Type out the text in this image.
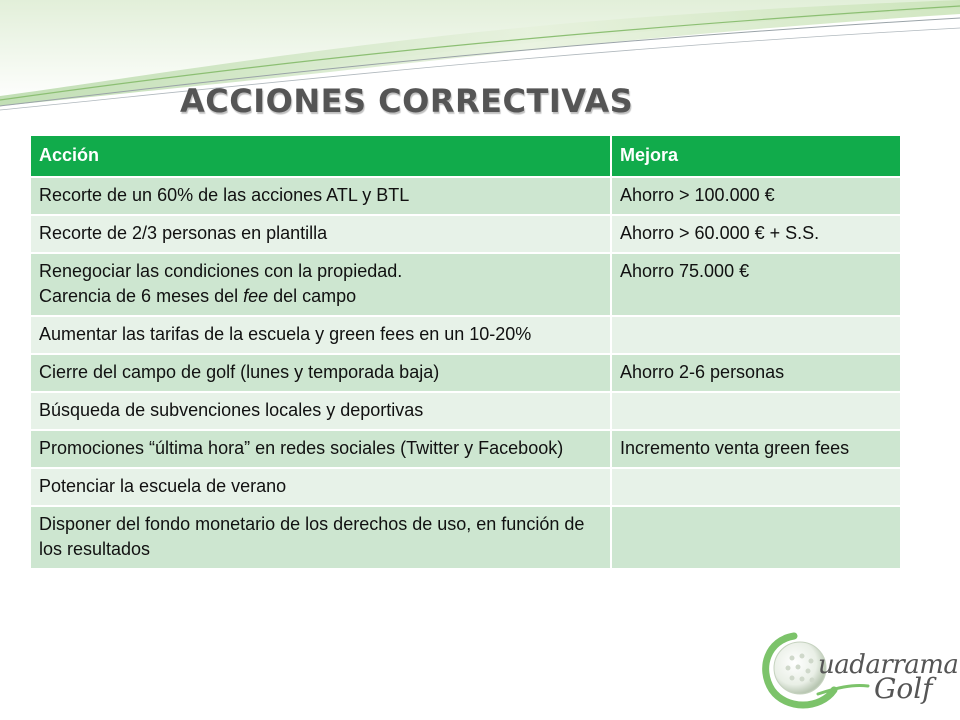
ACCIONES CORRECTIVAS
Acción	Mejora
Recorte de un 60% de las acciones ATL y BTL	Ahorro > 100.000 €
Recorte de 2/3 personas en plantilla	Ahorro > 60.000 € + S.S.
Renegociar las condiciones con la propiedad.
Carencia de 6 meses del fee del campo	Ahorro 75.000 €
Aumentar las tarifas de la escuela y green fees en un 10-20%	
Cierre del campo de golf (lunes y temporada baja)	Ahorro 2-6 personas
Búsqueda de subvenciones locales y deportivas	
Promociones “última hora” en redes sociales (Twitter y Facebook)	Incremento venta green fees
Potenciar la escuela de verano	
Disponer del fondo monetario de los derechos de uso, en función de los resultados	
uadarrama
Golf
